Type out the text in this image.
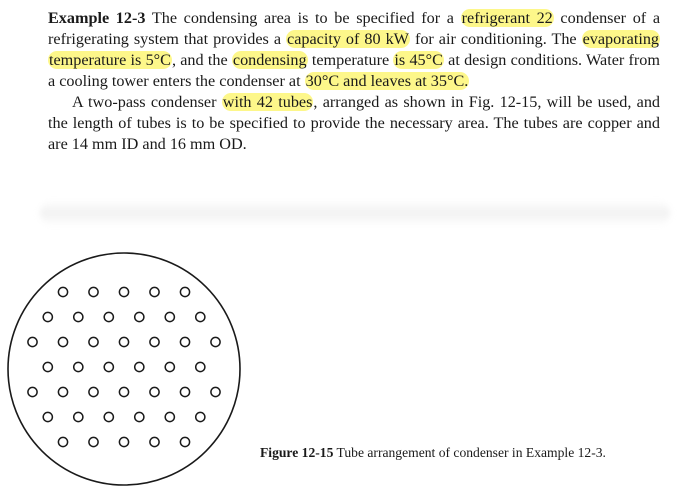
Example 12-3 The condensing area is to be specified for a refrigerant 22 condenser of a refrigerating system that provides a capacity of 80 kW for air conditioning. The evaporating temperature is 5°C, and the condensing temperature is 45°C at design conditions. Water from a cooling tower enters the condenser at 30°C and leaves at 35°C.

A two-pass condenser with 42 tubes, arranged as shown in Fig. 12-15, will be used, and the length of tubes is to be specified to provide the necessary area. The tubes are copper and are 14 mm ID and 16 mm OD.

Figure 12-15 Tube arrangement of condenser in Example 12-3.
